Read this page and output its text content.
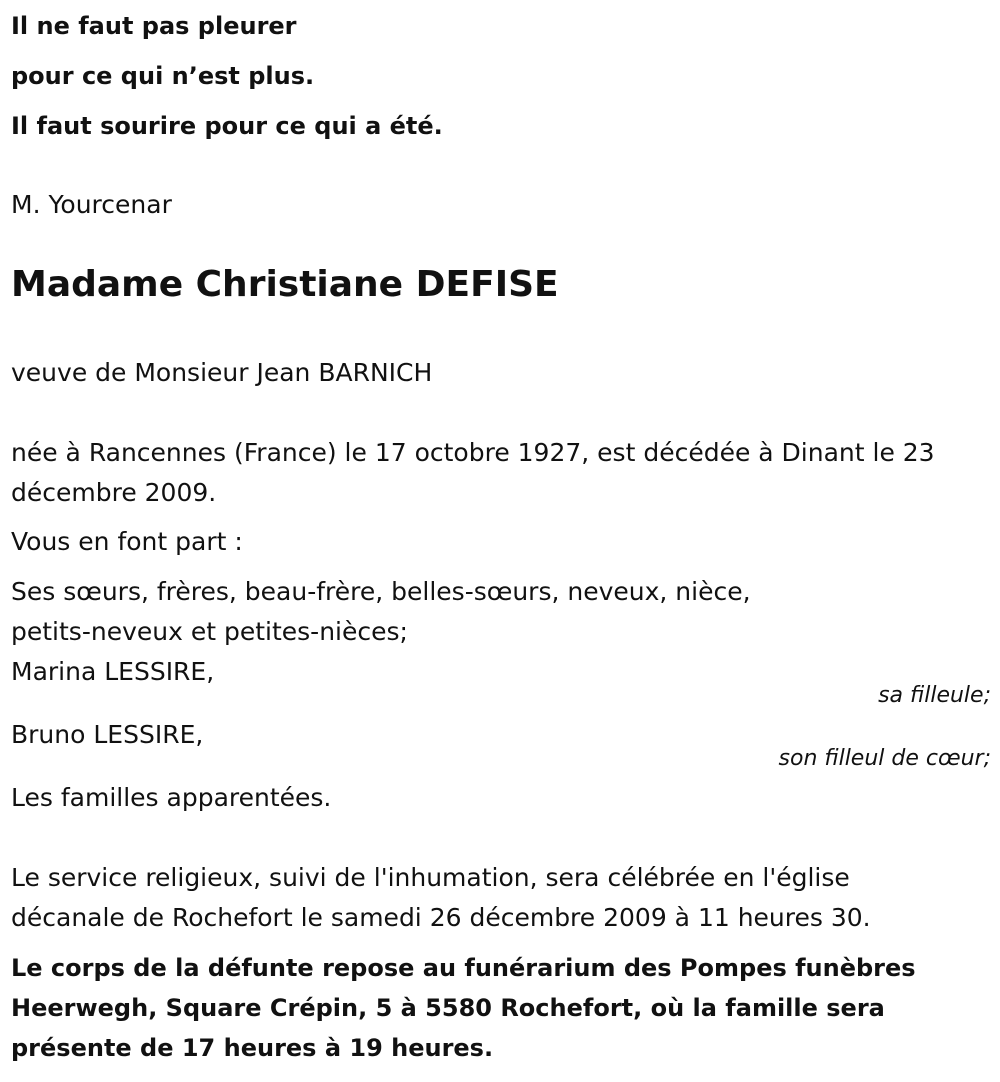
Il ne faut pas pleurer
pour ce qui n’est plus.
Il faut sourire pour ce qui a été.
M. Yourcenar
Madame Christiane DEFISE
veuve de Monsieur Jean BARNICH
née à Rancennes (France) le 17 octobre 1927, est décédée à Dinant le 23
décembre 2009.
Vous en font part :
Ses sœurs, frères, beau-frère, belles-sœurs, neveux, nièce,
petits-neveux et petites-nièces;
Marina LESSIRE,
sa filleule;
Bruno LESSIRE,
son filleul de cœur;
Les familles apparentées.
Le service religieux, suivi de l'inhumation, sera célébrée en l'église
décanale de Rochefort le samedi 26 décembre 2009 à 11 heures 30.
Le corps de la défunte repose au funérarium des Pompes funèbres
Heerwegh, Square Crépin, 5 à 5580 Rochefort, où la famille sera
présente de 17 heures à 19 heures.
